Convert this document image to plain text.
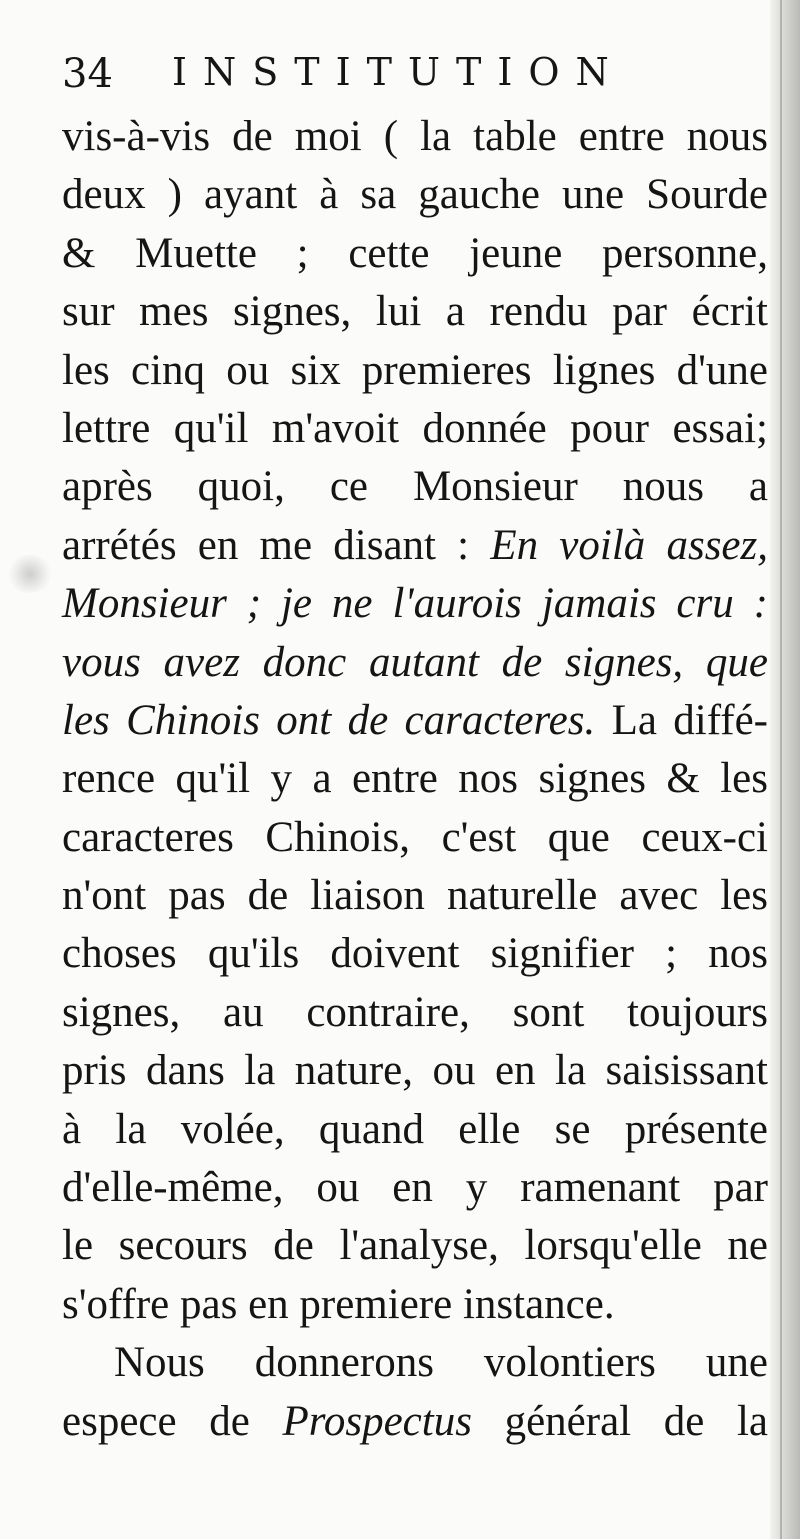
34 INSTITUTION
vis-à-vis de moi ( la table entre nous
deux ) ayant à sa gauche une Sourde
& Muette ; cette jeune personne,
sur mes signes, lui a rendu par écrit
les cinq ou six premieres lignes d'une
lettre qu'il m'avoit donnée pour essai;
après quoi, ce Monsieur nous a
arrétés en me disant : En voilà assez,
Monsieur ; je ne l'aurois jamais cru :
vous avez donc autant de signes, que
les Chinois ont de caracteres. La diffé-
rence qu'il y a entre nos signes & les
caracteres Chinois, c'est que ceux-ci
n'ont pas de liaison naturelle avec les
choses qu'ils doivent signifier ; nos
signes, au contraire, sont toujours
pris dans la nature, ou en la saisissant
à la volée, quand elle se présente
d'elle-même, ou en y ramenant par
le secours de l'analyse, lorsqu'elle ne
s'offre pas en premiere instance.
Nous donnerons volontiers une
espece de Prospectus général de la
